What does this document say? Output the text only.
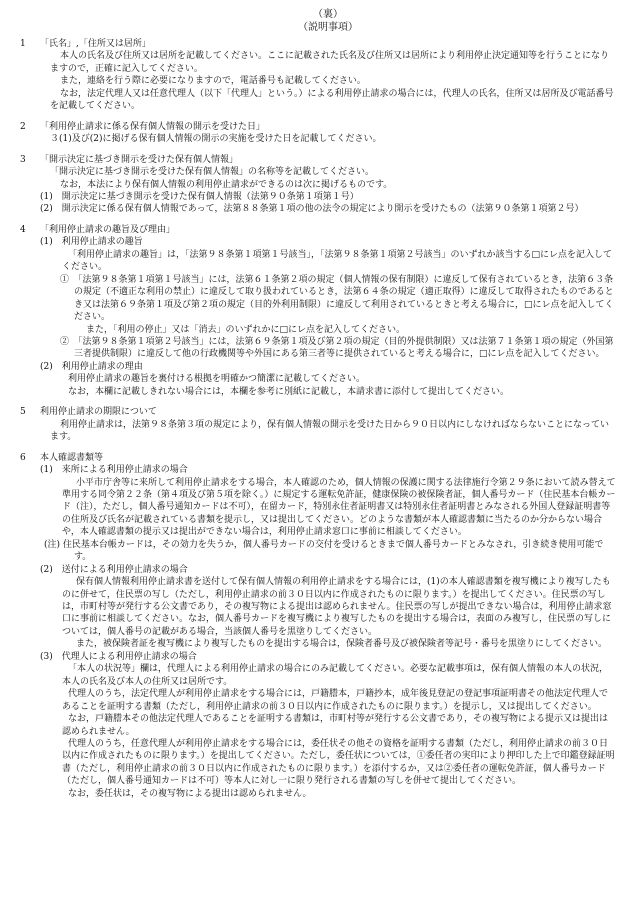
（裏）
（説明事項）
1 「氏名」,「住所又は居所」

本人の氏名及び住所又は居所を記載してください。ここに記載された氏名及び住所又は居所により利用停止決定通知等を行うことになりますので，正確に記入してください。

また，連絡を行う際に必要になりますので，電話番号も記載してください。

なお，法定代理人又は任意代理人（以下「代理人」という。）による利用停止請求の場合には，代理人の氏名，住所又は居所及び電話番号を記載してください。

2 「利用停止請求に係る保有個人情報の開示を受けた日」

３(1)及び(2)に掲げる保有個人情報の開示の実施を受けた日を記載してください。

3 「開示決定に基づき開示を受けた保有個人情報」

「開示決定に基づき開示を受けた保有個人情報」の名称等を記載してください。

なお，本法により保有個人情報の利用停止請求ができるのは次に掲げるものです。

(1)　開示決定に基づき開示を受けた保有個人情報（法第９０条第１項第１号）

(2)　開示決定に係る保有個人情報であって，法第８８条第１項の他の法令の規定により開示を受けたもの（法第９０条第１項第２号）

4 「利用停止請求の趣旨及び理由」

(1)　利用停止請求の趣旨

「利用停止請求の趣旨」は，「法第９８条第１項第１号該当」，「法第９８条第１項第２号該当」のいずれか該当する□にレ点を記入してください。

①　「法第９８条第１項第１号該当」には，法第６１条第２項の規定（個人情報の保有制限）に違反して保有されているとき，法第６３条の規定（不適正な利用の禁止）に違反して取り扱われているとき，法第６４条の規定（適正取得）に違反して取得されたものであるとき又は法第６９条第１項及び第２項の規定（目的外利用制限）に違反して利用されているときと考える場合に，□にレ点を記入してください。

また，「利用の停止」又は「消去」のいずれかに□にレ点を記入してください。

②　「法第９８条第１項第２号該当」には，法第６９条第１項及び第２項の規定（目的外提供制限）又は法第７１条第１項の規定（外国第三者提供制限）に違反して他の行政機関等や外国にある第三者等に提供されていると考える場合に，□にレ点を記入してください。

(2)　利用停止請求の理由

利用停止請求の趣旨を裏付ける根拠を明確かつ簡潔に記載してください。

なお，本欄に記載しきれない場合には，本欄を参考に別紙に記載し，本請求書に添付して提出してください。

5 利用停止請求の期限について

利用停止請求は，法第９８条第３項の規定により，保有個人情報の開示を受けた日から９０日以内にしなければならないことになっています。

6 本人確認書類等

(1)　来所による利用停止請求の場合

小平市庁舎等に来所して利用停止請求をする場合，本人確認のため，個人情報の保護に関する法律施行令第２９条において読み替えて準用する同令第２２条（第４項及び第５項を除く。）に規定する運転免許証，健康保険の被保険者証，個人番号カード（住民基本台帳カード（注），ただし，個人番号通知カードは不可），在留カード，特別永住者証明書又は特別永住者証明書とみなされる外国人登録証明書等の住所及び氏名が記載されている書類を提示し，又は提出してください。どのような書類が本人確認書類に当たるのか分からない場合や，本人確認書類の提示又は提出ができない場合は，利用停止請求窓口に事前に相談してください。

(注) 住民基本台帳カードは，その効力を失うか，個人番号カードの交付を受けるときまで個人番号カードとみなされ，引き続き使用可能です。

(2)　送付による利用停止請求の場合

保有個人情報利用停止請求書を送付して保有個人情報の利用停止請求をする場合には，(1)の本人確認書類を複写機により複写したものに併せて，住民票の写し（ただし，利用停止請求の前３０日以内に作成されたものに限ります。）を提出してください。住民票の写しは，市町村等が発行する公文書であり，その複写物による提出は認められません。住民票の写しが提出できない場合は，利用停止請求窓口に事前に相談してください。なお，個人番号カードを複写機により複写したものを提出する場合は，表面のみ複写し，住民票の写しについては，個人番号の記載がある場合，当該個人番号を黒塗りしてください。

また，被保険者証を複写機により複写したものを提出する場合は，保険者番号及び被保険者等記号・番号を黒塗りにしてください。

(3)　代理人による利用停止請求の場合

「本人の状況等」欄は，代理人による利用停止請求の場合にのみ記載してください。必要な記載事項は，保有個人情報の本人の状況，本人の氏名及び本人の住所又は居所です。

代理人のうち，法定代理人が利用停止請求をする場合には，戸籍謄本，戸籍抄本，成年後見登記の登記事項証明書その他法定代理人であることを証明する書類（ただし，利用停止請求の前３０日以内に作成されたものに限ります。）を提示し，又は提出してください。

なお，戸籍謄本その他法定代理人であることを証明する書類は，市町村等が発行する公文書であり，その複写物による提示又は提出は認められません。

代理人のうち，任意代理人が利用停止請求をする場合には，委任状その他その資格を証明する書類（ただし，利用停止請求の前３０日以内に作成されたものに限ります。）を提出してください。ただし，委任状については，①委任者の実印により押印した上で印鑑登録証明書（ただし，利用停止請求の前３０日以内に作成されたものに限ります。）を添付するか，又は②委任者の運転免許証，個人番号カード（ただし，個人番号通知カードは不可）等本人に対し一に限り発行される書類の写しを併せて提出してください。

なお，委任状は，その複写物による提出は認められません。
